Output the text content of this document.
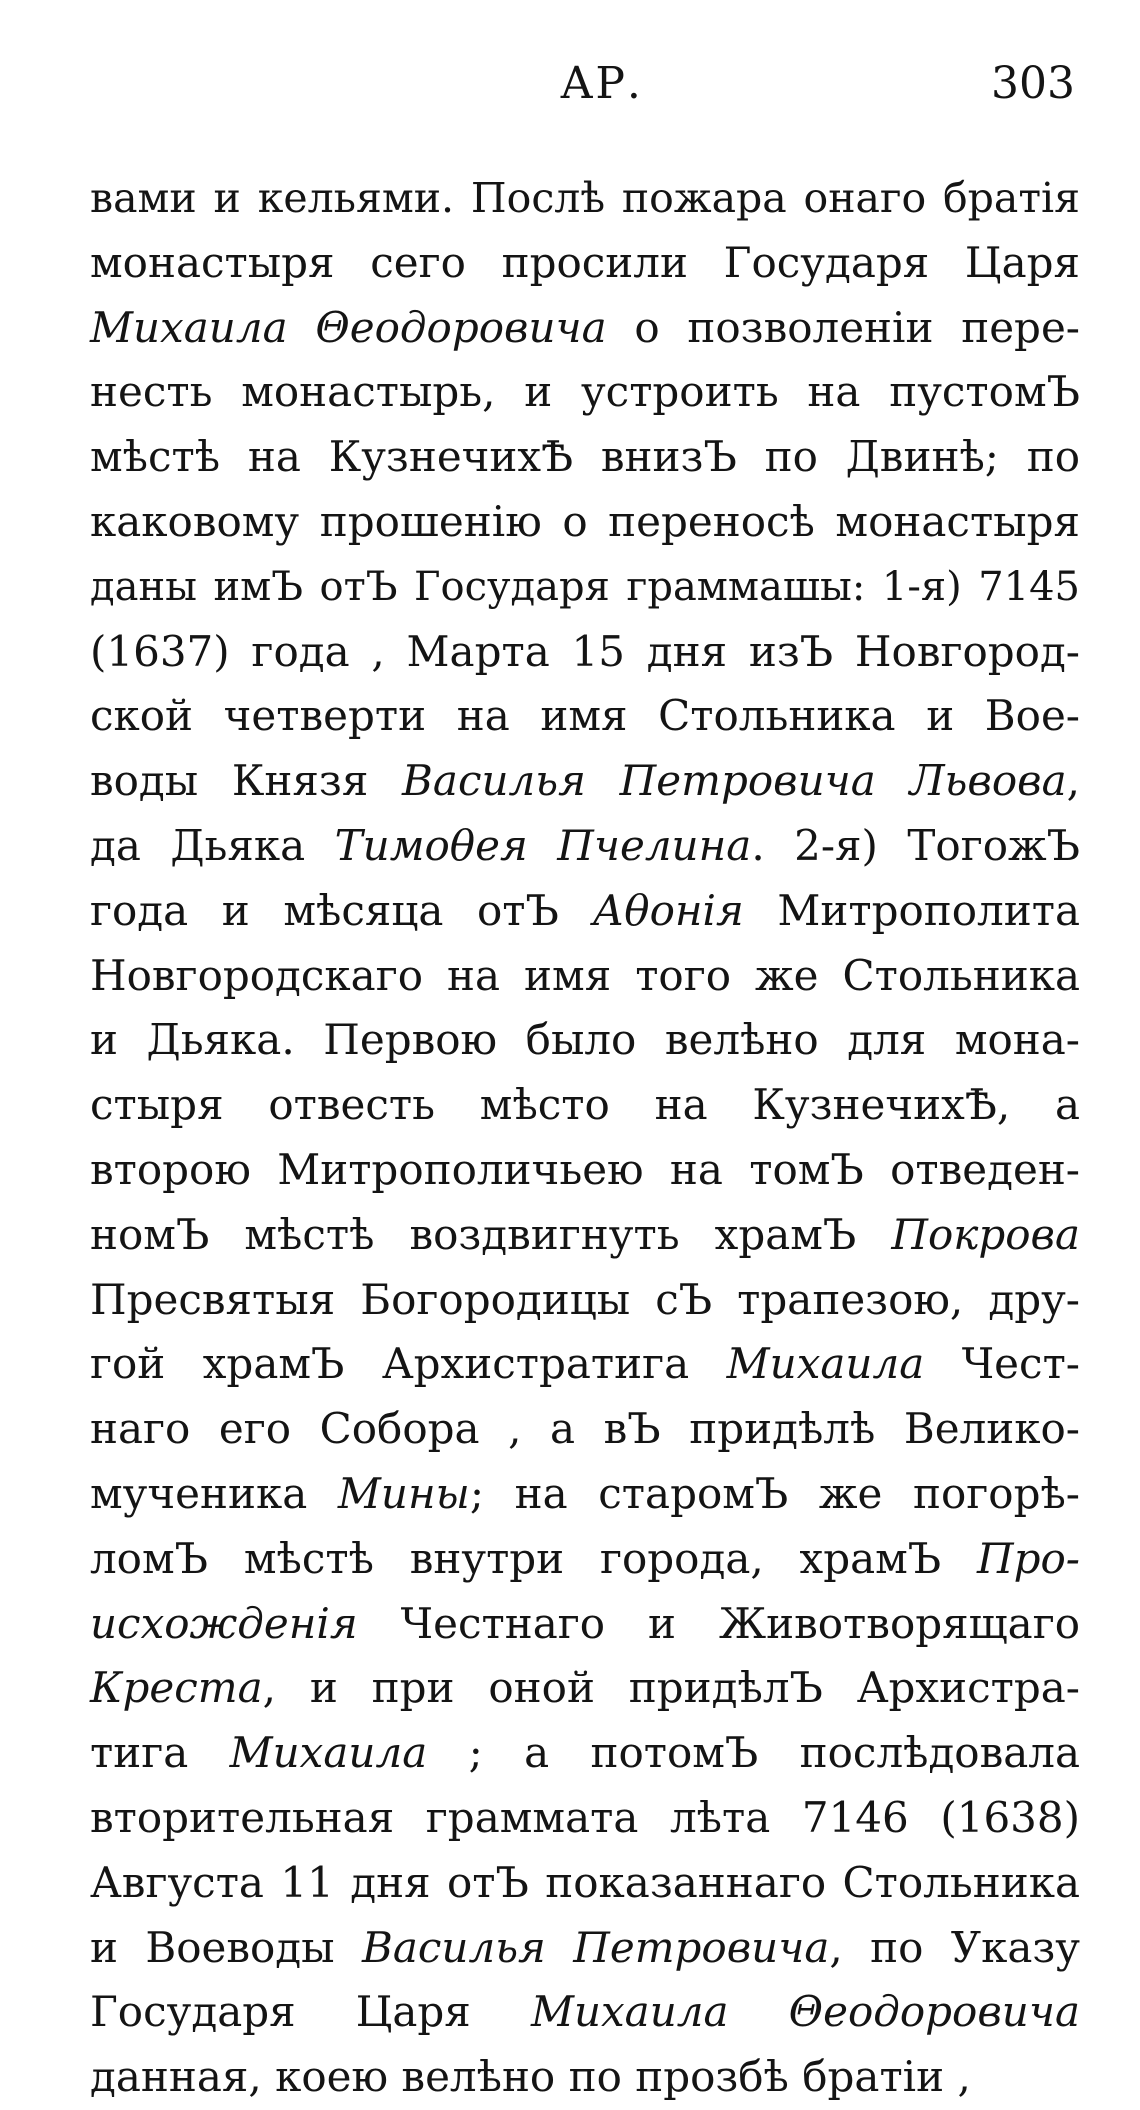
АР.	303
вами и кельями. Послѣ пожара онаго братiя
монастыря сего просили Государя Царя
Михаила Θеодоровича о позволенiи пере-
несть монастырь, и устроить на пустомЪ
мѣстѣ на КузнечихѢ внизЪ по Двинѣ; по
каковому прошенiю о переносѣ монастыря
даны имЪ отЪ Государя граммашы: 1-я) 7145
(1637) года , Марта 15 дня изЪ Новгород-
ской четверти на имя Стольника и Вое-
воды Князя Василья Петровича Львова,
да Дьяка Тимоθея Пчелина. 2-я) ТогожЪ
года и мѣсяца отЪ Аθонiя Митрополита
Новгородскаго на имя того же Стольника
и Дьяка. Первою было велѣно для мона-
стыря отвесть мѣсто на КузнечихѢ, а
второю Митрополичьею на томЪ отведен-
номЪ мѣстѣ воздвигнуть храмЪ Покрова
Пресвятыя Богородицы сЪ трапезою, дру-
гой храмЪ Архистратига Михаила Чест-
наго его Собора , а вЪ придѣлѣ Велико-
мученика Мины; на старомЪ же погорѣ-
ломЪ мѣстѣ внутри города, храмЪ Про-
исхожденiя Честнаго и Животворящаго
Креста, и при оной придѣлЪ Архистра-
тига Михаила ; а потомЪ послѣдовала
вторительная граммата лѣта 7146 (1638)
Августа 11 дня отЪ показаннаго Стольника
и Воеводы Василья Петровича, по Указу
Государя Царя Михаила Θеодоровича
данная, коею велѣно по прозбѣ братiи ,
